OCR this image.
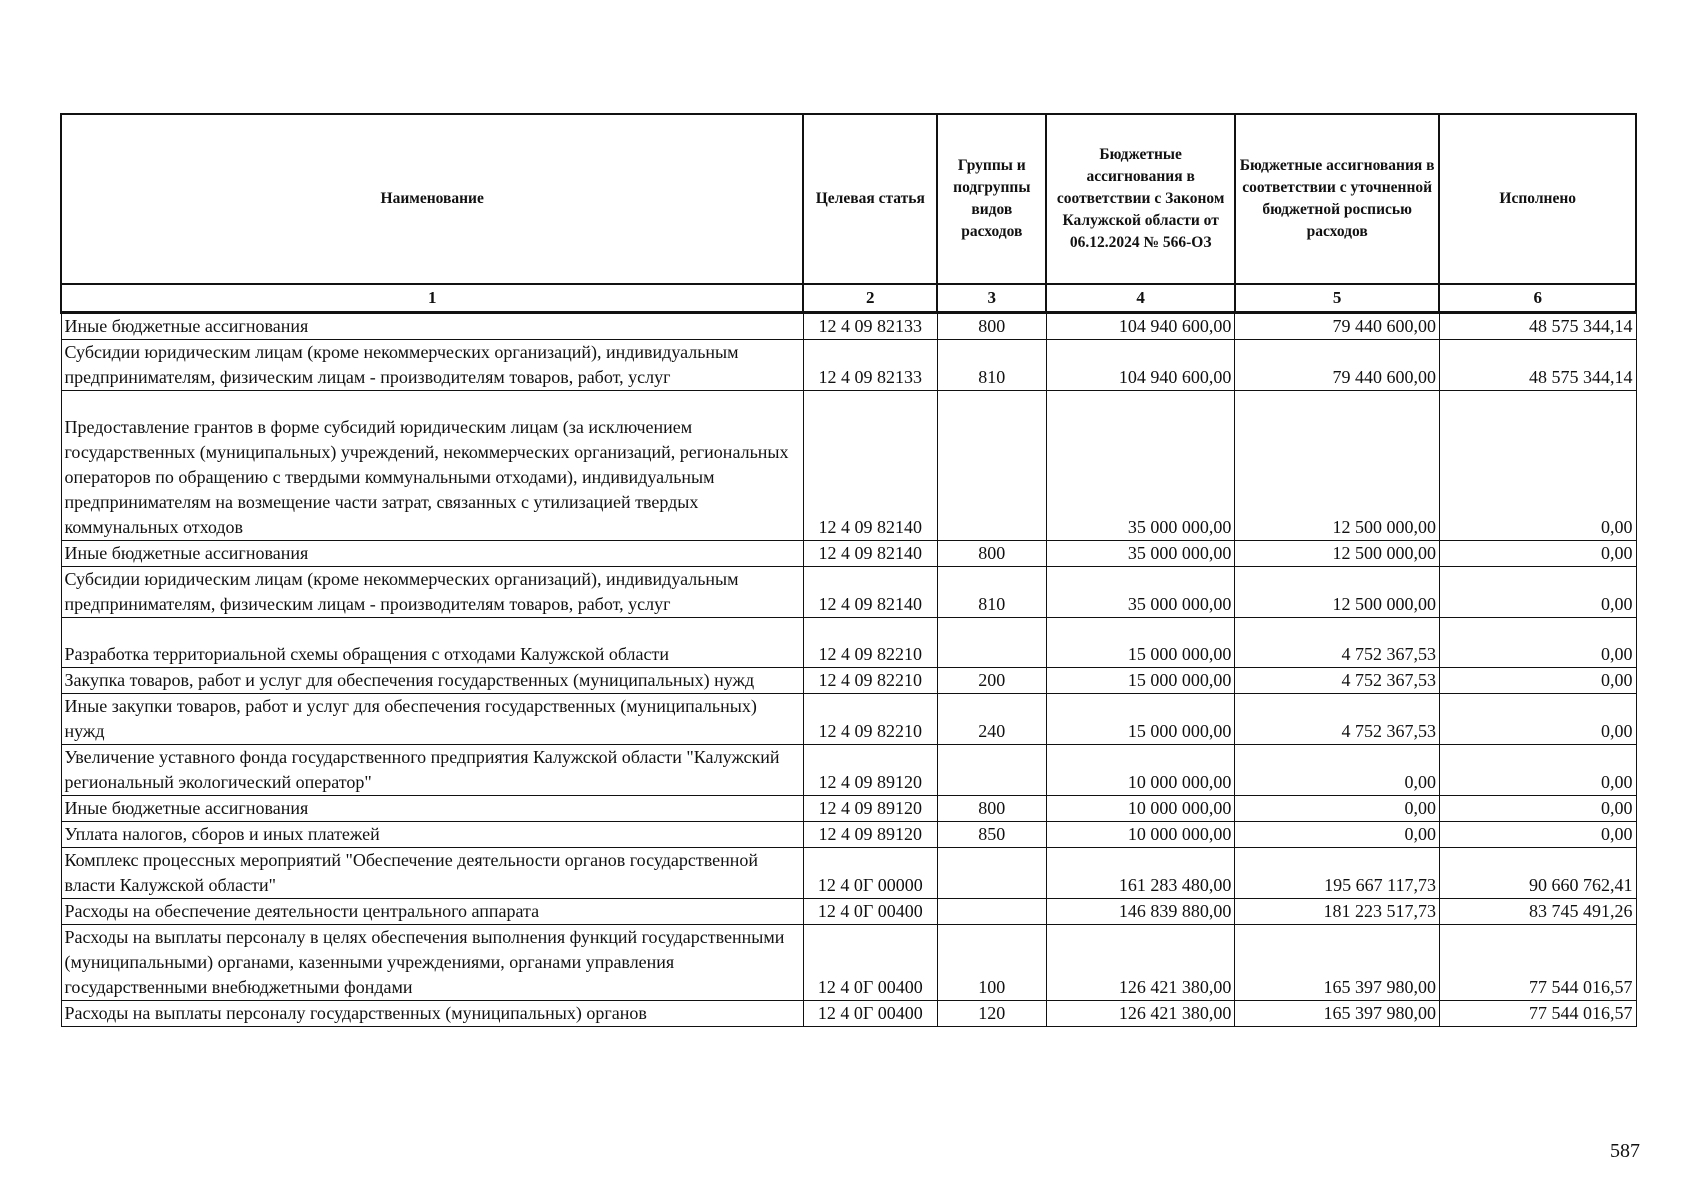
Наименование	Целевая статья	Группы и подгруппы видов расходов	Бюджетные ассигнования в соответствии с Законом Калужской области от 06.12.2024 № 566-ОЗ	Бюджетные ассигнования в соответствии с уточненной бюджетной росписью расходов	Исполнено
1	2	3	4	5	6
Иные бюджетные ассигнования	12 4 09 82133	800	104 940 600,00	79 440 600,00	48 575 344,14
Субсидии юридическим лицам (кроме некоммерческих организаций), индивидуальным предпринимателям, физическим лицам - производителям товаров, работ, услуг	12 4 09 82133	810	104 940 600,00	79 440 600,00	48 575 344,14
Предоставление грантов в форме субсидий юридическим лицам (за исключением государственных (муниципальных) учреждений, некоммерческих организаций, региональных операторов по обращению с твердыми коммунальными отходами), индивидуальным предпринимателям на возмещение части затрат, связанных с утилизацией твердых коммунальных отходов	12 4 09 82140		35 000 000,00	12 500 000,00	0,00
Иные бюджетные ассигнования	12 4 09 82140	800	35 000 000,00	12 500 000,00	0,00
Субсидии юридическим лицам (кроме некоммерческих организаций), индивидуальным предпринимателям, физическим лицам - производителям товаров, работ, услуг	12 4 09 82140	810	35 000 000,00	12 500 000,00	0,00
Разработка территориальной схемы обращения с отходами Калужской области	12 4 09 82210		15 000 000,00	4 752 367,53	0,00
Закупка товаров, работ и услуг для обеспечения государственных (муниципальных) нужд	12 4 09 82210	200	15 000 000,00	4 752 367,53	0,00
Иные закупки товаров, работ и услуг для обеспечения государственных (муниципальных) нужд	12 4 09 82210	240	15 000 000,00	4 752 367,53	0,00
Увеличение уставного фонда государственного предприятия Калужской области "Калужский региональный экологический оператор"	12 4 09 89120		10 000 000,00	0,00	0,00
Иные бюджетные ассигнования	12 4 09 89120	800	10 000 000,00	0,00	0,00
Уплата налогов, сборов и иных платежей	12 4 09 89120	850	10 000 000,00	0,00	0,00
Комплекс процессных мероприятий "Обеспечение деятельности органов государственной власти Калужской области"	12 4 0Г 00000		161 283 480,00	195 667 117,73	90 660 762,41
Расходы на обеспечение деятельности центрального аппарата	12 4 0Г 00400		146 839 880,00	181 223 517,73	83 745 491,26
Расходы на выплаты персоналу в целях обеспечения выполнения функций государственными (муниципальными) органами, казенными учреждениями, органами управления государственными внебюджетными фондами	12 4 0Г 00400	100	126 421 380,00	165 397 980,00	77 544 016,57
Расходы на выплаты персоналу государственных (муниципальных) органов	12 4 0Г 00400	120	126 421 380,00	165 397 980,00	77 544 016,57
587
